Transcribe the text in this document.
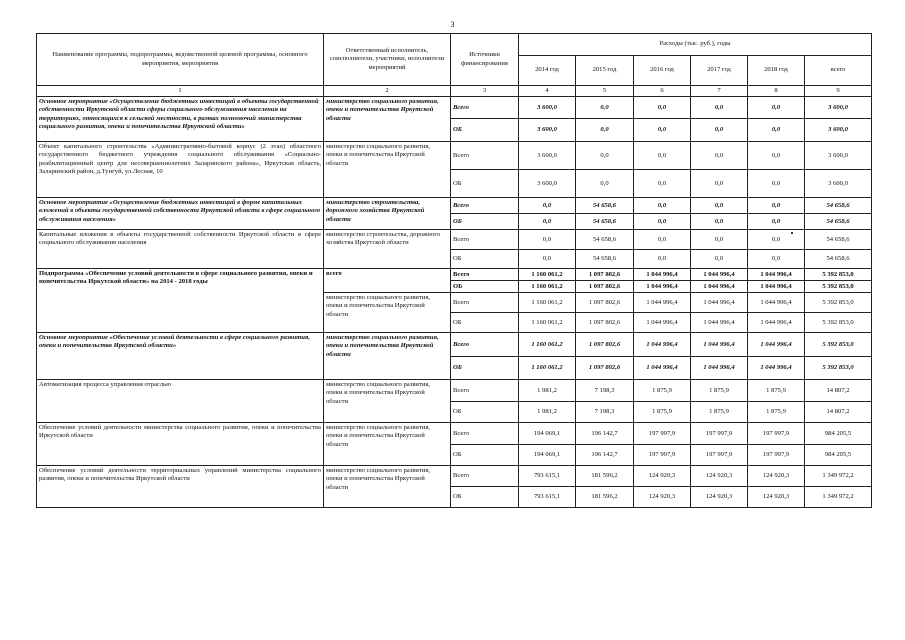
3
Наименование программы, подпрограммы, ведомственной целевой программы, основного мероприятия, мероприятия	Ответственный исполнитель, соисполнители, участники, исполнители мероприятий	Источники финансирования	Расходы (тыс. руб.), годы					
			2014 год	2015 год	2016 год	2017 год	2018 год	всего
1	2	3	4	5	6	7	8	9
Основное мероприятие «Осуществление бюджетных инвестиций в объекты государственной собственности Иркутской области сферы социального обслуживания населения на территориях, относящихся к сельской местности, в рамках полномочий министерства социального развития, опеки и попечительства Иркутской области»	министерство социального развития, опеки и попечительства Иркутской области	Всего	3 600,0	0,0	0,0	0,0	0,0	3 600,0
		ОБ	3 600,0	0,0	0,0	0,0	0,0	3 600,0
Объект капитального строительства «Административно-бытовой корпус (2 этап) областного государственного бюджетного учреждения социального обслуживания «Социально-реабилитационный центр для несовершеннолетних Заларинского района», Иркутская область, Заларинский район, д.Тунгуй, ул.Лесная, 10	министерство социального развития, опеки и попечительства Иркутской области	Всего	3 600,0	0,0	0,0	0,0	0,0	3 600,0
		ОБ	3 600,0	0,0	0,0	0,0	0,0	3 600,0
Основное мероприятие «Осуществление бюджетных инвестиций в форме капитальных вложений в объекты государственной собственности Иркутской области в сфере социального обслуживания населения»	министерство строительства, дорожного хозяйства Иркутской области	Всего	0,0	54 658,6	0,0	0,0	0,0	54 658,6
		ОБ	0,0	54 658,6	0,0	0,0	0,0	54 658,6
Капитальные вложения в объекты государственной собственности Иркутской области в сфере социального обслуживания населения	министерство строительства, дорожного хозяйства Иркутской области	Всего	0,0	54 658,6	0,0	0,0	0,0	54 658,6
		ОБ	0,0	54 658,6	0,0	0,0	0,0	54 658,6
Подпрограмма «Обеспечение условий деятельности в сфере социального развития, опеки и попечительства Иркутской области» на 2014 - 2018 годы	всего	Всего	1 160 061,2	1 097 802,6	1 044 996,4	1 044 996,4	1 044 996,4	5 392 853,0
		ОБ	1 160 061,2	1 097 802,6	1 044 996,4	1 044 996,4	1 044 996,4	5 392 853,0
	министерство социального развития, опеки и попечительства Иркутской области	Всего	1 160 061,2	1 097 802,6	1 044 996,4	1 044 996,4	1 044 996,4	5 392 853,0
		ОБ	1 160 061,2	1 097 802,6	1 044 996,4	1 044 996,4	1 044 996,4	5 392 853,0
Основное мероприятие «Обеспечение условий деятельности в сфере социального развития, опеки и попечительства Иркутской области»	министерство социального развития, опеки и попечительства Иркутской области	Всего	1 160 061,2	1 097 802,6	1 044 996,4	1 044 996,4	1 044 996,4	5 392 853,0
		ОБ	1 160 061,2	1 097 802,6	1 044 996,4	1 044 996,4	1 044 996,4	5 392 853,0
Автоматизация процесса управления отраслью	министерство социального развития, опеки и попечительства Иркутской области	Всего	1 981,2	7 198,3	1 875,9	1 875,9	1 875,9	14 807,2
		ОБ	1 981,2	7 198,3	1 875,9	1 875,9	1 875,9	14 807,2
Обеспечение условий деятельности министерства социального развития, опеки и попечительства Иркутской области	министерство социального развития, опеки и попечительства Иркутской области	Всего	194 069,1	196 142,7	197 997,9	197 997,9	197 997,9	984 205,5
		ОБ	194 069,1	196 142,7	197 997,9	197 997,9	197 997,9	984 205,5
Обеспечение условий деятельности территориальных управлений министерства социального развития, опеки и попечительства Иркутской области	министерство социального развития, опеки и попечительства Иркутской области	Всего	793 615,1	181 596,2	124 920,3	124 920,3	124 920,3	1 349 972,2
		ОБ	793 615,1	181 596,2	124 920,3	124 920,3	124 920,3	1 349 972,2
